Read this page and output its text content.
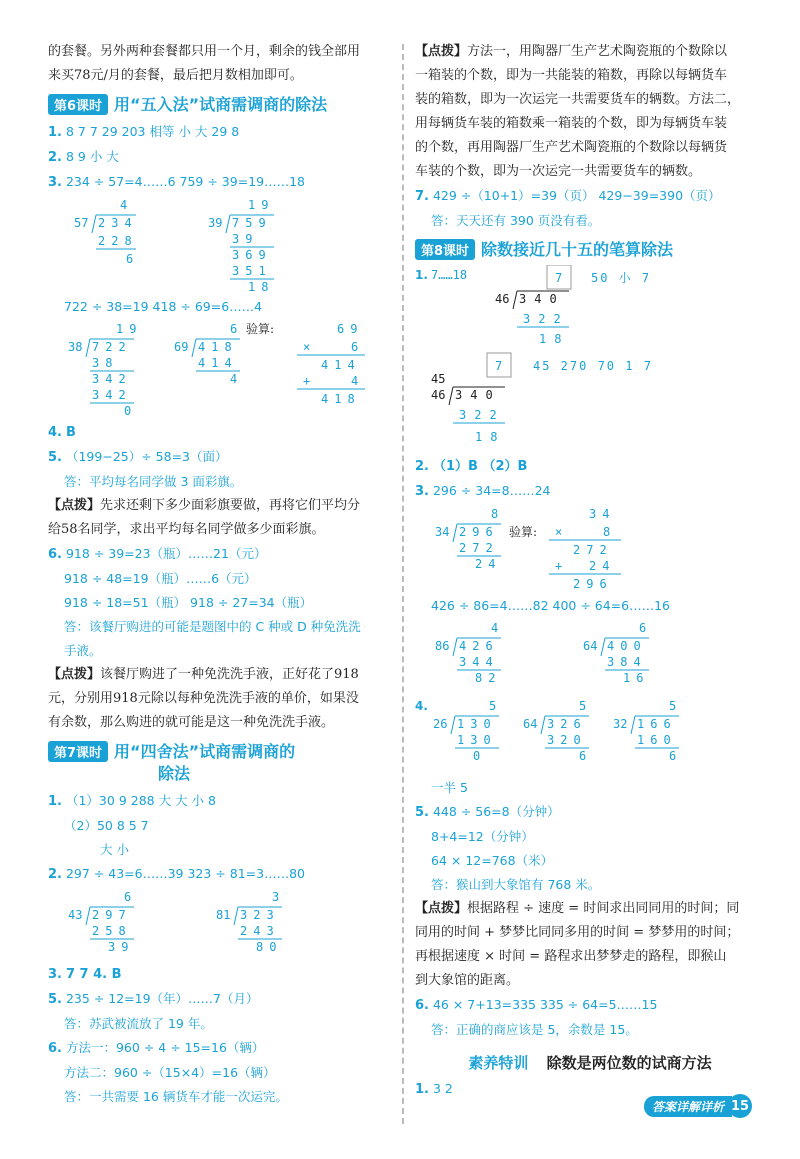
的套餐。另外两种套餐都只用一个月，剩余的钱全部用
来买78元/月的套餐，最后把月数相加即可。
第6课时 用“五入法”试商需调商的除法
1. 8 7 7 29 203 相等 小 大 29 8
2. 8 9 小 大
3. 234 ÷ 57=4……6 759 ÷ 39=19……18
4
57 234
228
6
19
39 759
39
369
351
18
722 ÷ 38=19 418 ÷ 69=6……4
19
38 722
38
342
342
0
6
69 418
414
4
验算:	69
×	6
414
+	4
418
4. B
5. （199−25）÷ 58=3（面）
答：平均每名同学做 3 面彩旗。
【点拨】先求还剩下多少面彩旗要做，再将它们平均分
给58名同学，求出平均每名同学做多少面彩旗。
6. 918 ÷ 39=23（瓶）……21（元）
918 ÷ 48=19（瓶）……6（元）
918 ÷ 18=51（瓶） 918 ÷ 27=34（瓶）
答：该餐厅购进的可能是题图中的 C 种或 D 种免洗洗
手液。
【点拨】该餐厅购进了一种免洗洗手液，正好花了918
元，分别用918元除以每种免洗洗手液的单价，如果没
有余数，那么购进的就可能是这一种免洗洗手液。
第7课时 用“四舍法”试商需调商的
除法
1. （1）30 9 288 大 大 小 8
（2）50 8 5 7
大 小
2. 297 ÷ 43=6……39 323 ÷ 81=3……80
6
43 297
258
39
3
81 323
243
80
3. 7 7 4. B
5. 235 ÷ 12=19（年）……7（月）
答：苏武被流放了 19 年。
6. 方法一：960 ÷ 4 ÷ 15=16（辆）
方法二：960 ÷（15×4）=16（辆）
答：一共需要 16 辆货车才能一次运完。
【点拨】方法一，用陶器厂生产艺术陶瓷瓶的个数除以
一箱装的个数，即为一共能装的箱数，再除以每辆货车
装的箱数，即为一次运完一共需要货车的辆数。方法二，
用每辆货车装的箱数乘一箱装的个数，即为每辆货车装
的个数，再用陶器厂生产艺术陶瓷瓶的个数除以每辆货
车装的个数，即为一次运完一共需要货车的辆数。
7. 429 ÷（10+1）=39（页） 429−39=390（页）
答：天天还有 390 页没有看。
第8课时 除数接近几十五的笔算除法
1. 7……18	7 50 小 7
46 340
322
18
7	45 270 70 1 7
45
46 340
322
18
2. （1）B （2）B
3. 296 ÷ 34=8……24
8
34 296
272
24
验算:
34
×	8
272
+ 24
296
426 ÷ 86=4……82 400 ÷ 64=6……16
4
86 426
344
82
6
64 400
384
16
4.	5
26 130
130
0
5
64 326
320
6
5
32 166
160
6
一半 5
5. 448 ÷ 56=8（分钟）
8+4=12（分钟）
64 × 12=768（米）
答：猴山到大象馆有 768 米。
【点拨】根据路程 ÷ 速度 = 时间求出同同用的时间；同
同用的时间 + 梦梦比同同多用的时间 = 梦梦用的时间；
再根据速度 × 时间 = 路程求出梦梦走的路程，即猴山
到大象馆的距离。
6. 46 × 7+13=335 335 ÷ 64=5……15
答：正确的商应该是 5，余数是 15。
素养特训 除数是两位数的试商方法
1. 3 2
答案详解详析 15
